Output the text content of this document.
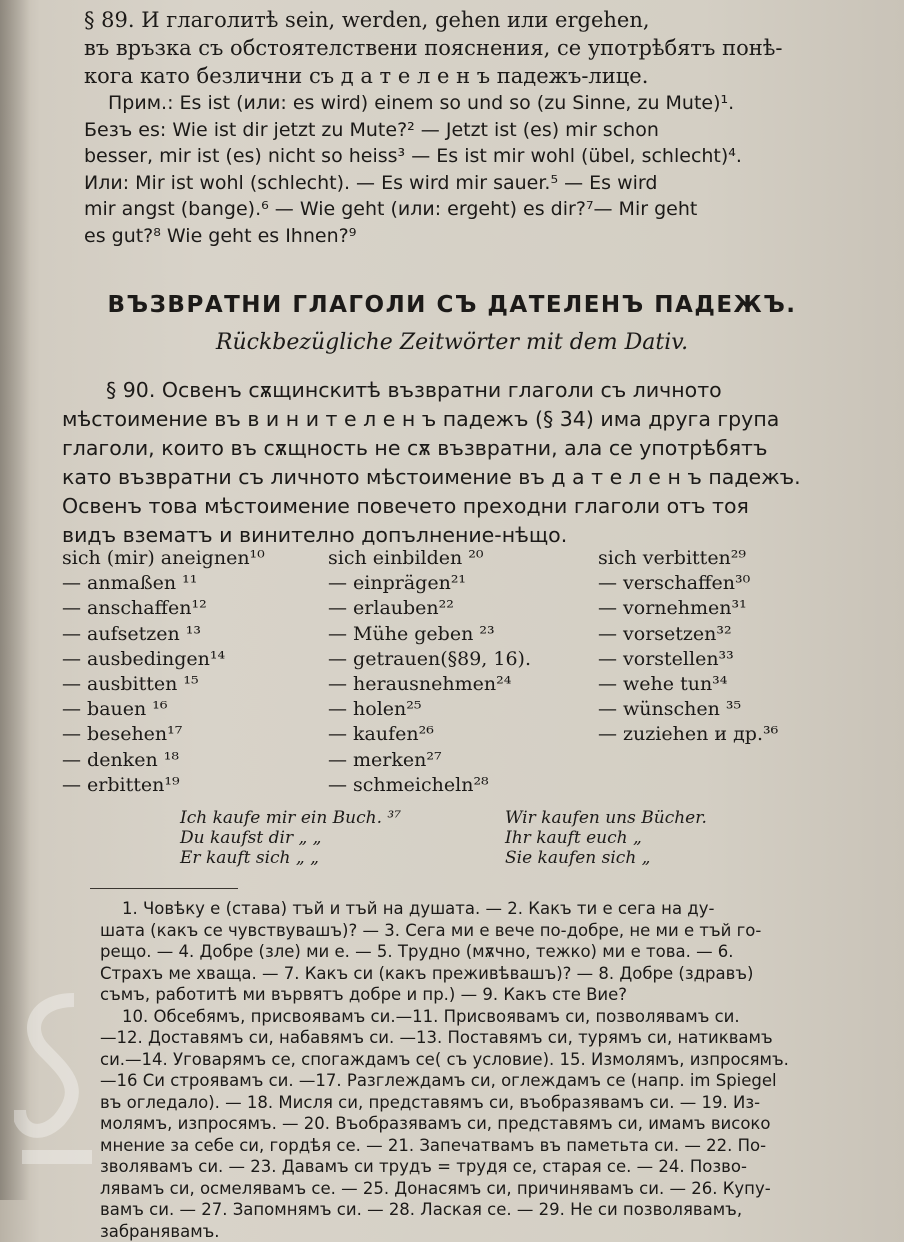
§ 89. И глаголитѣ sein, werden, gehen или ergehen,
въ връзка съ обстоятелствени пояснения, се употрѣбятъ понѣ-
кога като безлични съ д а т е л е н ъ падежъ-лице.
Прим.: Es ist (или: es wird) einem so und so (zu Sinne, zu Mute)¹.
Безъ es: Wie ist dir jetzt zu Mute?² — Jetzt ist (es) mir schon
besser, mir ist (es) nicht so heiss³ — Es ist mir wohl (übel, schlecht)⁴.
Или: Mir ist wohl (schlecht). — Es wird mir sauer.⁵ — Es wird
mir angst (bange).⁶ — Wie geht (или: ergeht) es dir?⁷— Mir geht
es gut?⁸ Wie geht es Ihnen?⁹
ВЪЗВРАТНИ ГЛАГОЛИ СЪ ДАТЕЛЕНЪ ПАДЕЖЪ.
Rückbezügliche Zeitwörter mit dem Dativ.
§ 90. Освенъ сѫщинскитѣ възвратни глаголи съ личното
мѣстоимение въ в и н и т е л е н ъ падежъ (§ 34) има друга група
глаголи, които въ сѫщность не сѫ възвратни, ала се употрѣбятъ
като възвратни съ личното мѣстоимение въ д а т е л е н ъ падежъ.
Освенъ това мѣстоимение повечето преходни глаголи отъ тоя
видъ взематъ и винително допълнение-нѣщо.
sich (mir) aneignen¹⁰
— anmaßen ¹¹
— anschaffen¹²
— aufsetzen ¹³
— ausbedingen¹⁴
— ausbitten ¹⁵
— bauen ¹⁶
— besehen¹⁷
— denken ¹⁸
— erbitten¹⁹
sich einbilden ²⁰
— einprägen²¹
— erlauben²²
— Mühe geben ²³
— getrauen(§89, 16).
— herausnehmen²⁴
— holen²⁵
— kaufen²⁶
— merken²⁷
— schmeicheln²⁸
sich verbitten²⁹
— verschaffen³⁰
— vornehmen³¹
— vorsetzen³²
— vorstellen³³
— wehe tun³⁴
— wünschen ³⁵
— zuziehen и др.³⁶
Ich kaufe mir ein Buch. ³⁷
Du kaufst dir „ „
Er kauft sich „ „
Wir kaufen uns Bücher.
Ihr kauft euch „
Sie kaufen sich „
1. Човѣку е (става) тъй и тъй на душата. — 2. Какъ ти е сега на ду-
шата (какъ се чувствувашъ)? — 3. Сега ми е вече по-добре, не ми е тъй го-
рещо. — 4. Добре (зле) ми е. — 5. Трудно (мѫчно, тежко) ми е това. — 6.
Страхъ ме хваща. — 7. Какъ си (какъ преживѣвашъ)? — 8. Добре (здравъ)
съмъ, работитѣ ми вървятъ добре и пр.) — 9. Какъ сте Вие?
10. Обсебямъ, присвоявамъ си.—11. Присвоявамъ си, позволявамъ си.
—12. Доставямъ си, набавямъ си. —13. Поставямъ си, турямъ си, натиквамъ
си.—14. Уговарямъ се, спогаждамъ се( съ условие). 15. Измолямъ, изпросямъ.
—16 Си строявамъ си. —17. Разглеждамъ си, оглеждамъ се (напр. im Spiegel
въ огледало). — 18. Мисля си, представямъ си, въобразявамъ си. — 19. Из-
молямъ, изпросямъ. — 20. Въобразявамъ си, представямъ си, имамъ високо
мнение за себе си, гордѣя се. — 21. Запечатвамъ въ паметьта си. — 22. По-
зволявамъ си. — 23. Давамъ си трудъ = трудя се, старая се. — 24. Позво-
лявамъ си, осмелявамъ се. — 25. Донасямъ си, причинявамъ си. — 26. Купу-
вамъ си. — 27. Запомнямъ си. — 28. Лаская се. — 29. Не си позволявамъ,
забранявамъ.
